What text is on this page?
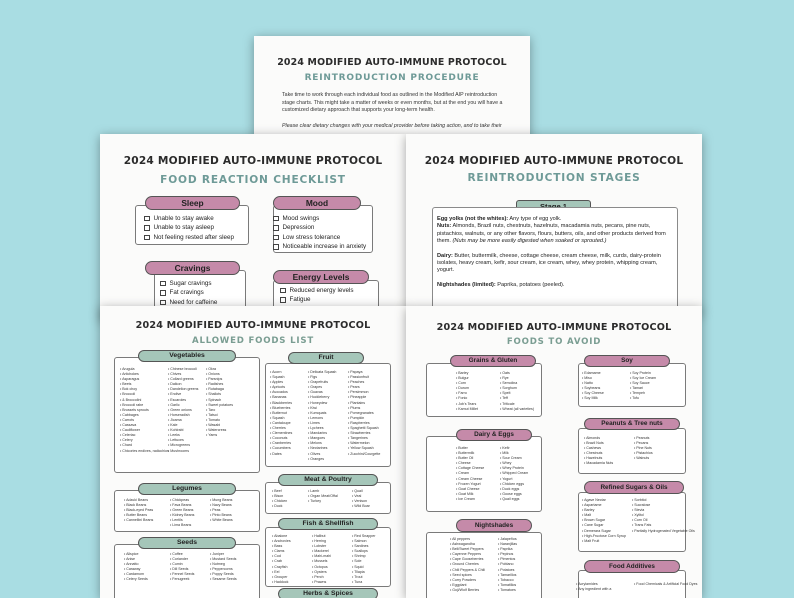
2024 MODIFIED AUTO-IMMUNE PROTOCOL
REINTRODUCTION PROCEDURE
Take time to work through each individual food as outlined in the Modified AIP reintroduction stage charts. This might take a matter of weeks or even months, but at the end you will have a customized dietary approach that supports your long-term health.
Please clear dietary changes with your medical provider before taking action, and to take their
2024 MODIFIED AUTO-IMMUNE PROTOCOL
FOOD REACTION CHECKLIST
Sleep
Unable to stay awake
Unable to stay asleep
Not feeling rested after sleep
Mood
Mood swings
Depression
Low stress tolerance
Noticeable increase in anxiety
Cravings
Sugar cravings
Fat cravings
Need for caffeine
Energy Levels
Reduced energy levels
Fatigue
2024 MODIFIED AUTO-IMMUNE PROTOCOL
REINTRODUCTION STAGES
Egg yolks (not the whites): Any type of egg yolk.
Nuts: Almonds, Brazil nuts, chestnuts, hazelnuts, macadamia nuts, pecans, pine nuts, pistachios, walnuts, or any other flavors, flours, butters, oils, and other products derived from them. (Nuts may be more easily digested when soaked or sprouted.)
Dairy: Butter, buttermilk, cheese, cottage cheese, cream cheese, milk, curds, dairy-protein isolates, heavy cream, kefir, sour cream, ice cream, whey, whey protein, whipping cream, yogurt.
Nightshades (limited): Paprika, potatoes (peeled).
2024 MODIFIED AUTO-IMMUNE PROTOCOL
ALLOWED FOODS LIST
Vegetables
• Arugula
• Artichokes
• Asparagus
• Beets
• Bok choy
• Broccoli
• & Broccolini
• Broccoli rabe
• Brussels sprouts
• Cabbages
• Carrots
• Cassava
• Cauliflower
• Celeriac
• Celery
• Chard
• Chicories endives, radicchios
• Chinese broccoli
• Chives
• Collard greens
• Daikon
• Dandelion greens
• Endive
• Escaroles
• Garlic
• Green onions
• Horseradish
• Jicama
• Kale
• Kohlrabi
• Leeks
• Lettuces
• Microgreens
• Mushrooms
• Okra
• Onions
• Parsnips
• Radishes
• Rutabaga
• Shallots
• Spinach
• Sweet potatoes
• Taro
• Tatsoi
• Tomato
• Wasabi
• Watercress
• Yams
Legumes
• Adzuki Beans
• Black Beans
• Black-eyed Peas
• Butter Beans
• Cannellini Beans
• Chickpeas
• Fava Beans
• Green Beans
• Kidney Beans
• Lentils
• Lima Beans
• Mung Beans
• Navy Beans
• Peas
• Pinto Beans
• White Beans
Seeds
• Allspice
• Anise
• Annatto
• Caraway
• Cardamom
• Celery Seeds
• Coffee
• Coriander
• Cumin
• Dill Seeds
• Fennel Seeds
• Fenugreek
• Juniper
• Mustard Seeds
• Nutmeg
• Peppercorns
• Poppy Seeds
• Sesame Seeds
Fruit
• Acorn
• Squash
• Apples
• Apricots
• Avocados
• Bananas
• Blackberries
• Blueberries
• Butternut
• Squash
• Cantaloupe
• Cherries
• Clementines
• Coconuts
• Cranberries
• Cucumbers
• Dates
• Delicata Squash
• Figs
• Grapefruits
• Grapes
• Guavas
• Huckleberry
• Honeydew
• Kiwi
• Kumquats
• Lemons
• Limes
• Lychees
• Mandarins
• Mangoes
• Melons
• Nectarines
• Olives
• Oranges
• Papaya
• Passionfruit
• Peaches
• Pears
• Persimmon
• Pineapple
• Plantains
• Plums
• Pomegranates
• Pumpkin
• Raspberries
• Spaghetti Squash
• Strawberries
• Tangerines
• Watermelon
• Yellow Squash
• Zucchini/Courgette
Meat & Poultry
• Beef
• Bison
• Chicken
• Duck
• Lamb
• Organ Meat/Offal
• Turkey
• Quail
• Veal
• Venison
• Wild Boar
Fish & Shellfish
• Abalone
• Anchovies
• Bass
• Clams
• Cod
• Crab
• Crayfish
• Eel
• Grouper
• Haddock
• Halibut
• Herring
• Lobster
• Mackerel
• Mahi-mahi
• Mussels
• Octopus
• Oysters
• Perch
• Prawns
• Red Snapper
• Salmon
• Sardines
• Scallops
• Shrimp
• Sole
• Squid
• Tilapia
• Trout
• Tuna
Herbs & Spices
2024 MODIFIED AUTO-IMMUNE PROTOCOL
FOODS TO AVOID
Grains & Gluten
• Barley
• Bulgur
• Corn
• Durum
• Farro
• Fonio
• Job's Tears
• Kamut Millet
• Oats
• Rye
• Semolina
• Sorghum
• Spelt
• Teff
• Triticale
• Wheat (all varieties)
Soy
• Edamame
• Miso
• Natto
• Soybeans
• Soy Cheese
• Soy Milk
• Soy Protein
• Soy Ice Cream
• Soy Sauce
• Tamari
• Tempeh
• Tofu
Dairy & Eggs
• Butter
• Buttermilk
• Butter Oil
• Cheese
• Cottage Cheese
• Cream
• Cream Cheese
• Frozen Yogurt
• Goat Cheese
• Goat Milk
• Ice Cream
• Kefir
• Milk
• Sour Cream
• Whey
• Whey Protein
• Whipped Cream
• Yogurt
• Chicken eggs
• Duck eggs
• Goose eggs
• Quail eggs
Peanuts & Tree nuts
• Almonds
• Brazil Nuts
• Cashews
• Chestnuts
• Hazelnuts
• Macadamia Nuts
• Peanuts
• Pecans
• Pine Nuts
• Pistachios
• Walnuts
Nightshades
• All peppers
• Ashwagandha
• Bell/Sweet Peppers
• Cayenne Peppers
• Cape Gooseberries
• Ground Cherries
• Chili Peppers & Chili
• Seed spices
• Curry Powders
• Eggplant
• Goji/Wolf Berries
• Jalapeños
• Naranjillas
• Paprika
• Pepinos
• Pimentos
• Poblano
• Potatoes
• Tamarillos
• Tobacco
• Tomatillos
• Tomatoes
Refined Sugars & Oils
• Agave Nectar
• Aspartame
• Barley
• Malt
• Brown Sugar
• Cane Sugar
• Demerara Sugar
• High-Fructose Corn Syrup
• Malt Fruit
• Sorbitol
• Sucralose
• Stevia
• Xylitol
• Corn Oil
• Trans Fats
• Partially Hydrogenated Vegetable Oils
Food Additives
• Acrylamides
• Any ingredient with a
• Food Chemicals & Artificial Food Dyes
